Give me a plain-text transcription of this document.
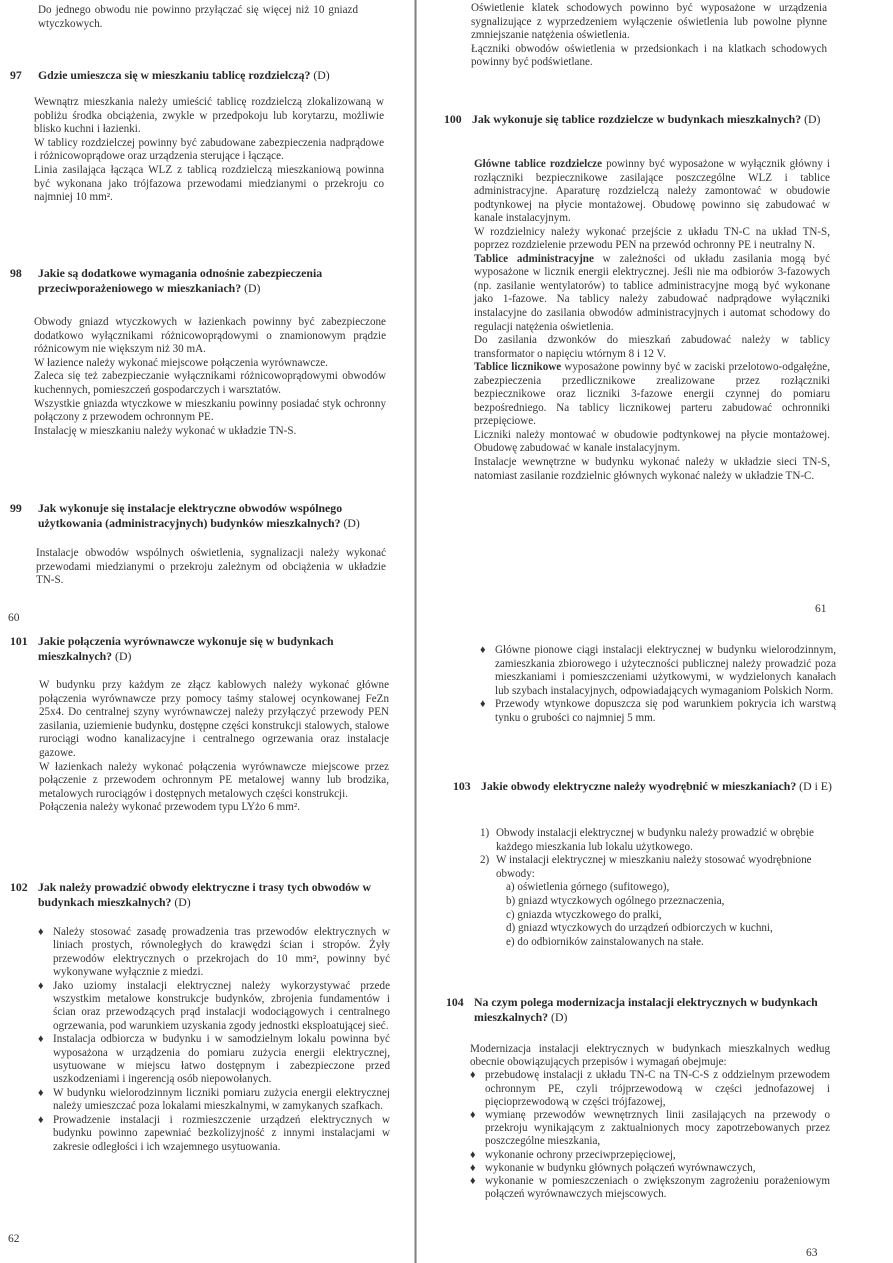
Do jednego obwodu nie powinno przyłączać się więcej niż 10 gniazd wtyczkowych.

97 Gdzie umieszcza się w mieszkaniu tablicę rozdzielczą? (D)

Wewnątrz mieszkania należy umieścić tablicę rozdzielczą zlokalizowaną w pobliżu środka obciążenia, zwykle w przedpokoju lub korytarzu, możliwie blisko kuchni i łazienki.

W tablicy rozdzielczej powinny być zabudowane zabezpieczenia nadprądowe i różnicowoprądowe oraz urządzenia sterujące i łączące.

Linia zasilająca łącząca WLZ z tablicą rozdzielczą mieszkaniową powinna być wykonana jako trójfazowa przewodami miedzianymi o przekroju co najmniej 10 mm².

98 Jakie są dodatkowe wymagania odnośnie zabezpieczenia przeciwporażeniowego w mieszkaniach? (D)

Obwody gniazd wtyczkowych w łazienkach powinny być zabezpieczone dodatkowo wyłącznikami różnicowoprądowymi o znamionowym prądzie różnicowym nie większym niż 30 mA.

W łazience należy wykonać miejscowe połączenia wyrównawcze.

Zaleca się też zabezpieczanie wyłącznikami różnicowoprądowymi obwodów kuchennych, pomieszczeń gospodarczych i warsztatów.

Wszystkie gniazda wtyczkowe w mieszkaniu powinny posiadać styk ochronny połączony z przewodem ochronnym PE.

Instalację w mieszkaniu należy wykonać w układzie TN-S.

99 Jak wykonuje się instalacje elektryczne obwodów wspólnego użytkowania (administracyjnych) budynków mieszkalnych? (D)

Instalacje obwodów wspólnych oświetlenia, sygnalizacji należy wykonać przewodami miedzianymi o przekroju zależnym od obciążenia w układzie TN-S.

60

Oświetlenie klatek schodowych powinno być wyposażone w urządzenia sygnalizujące z wyprzedzeniem wyłączenie oświetlenia lub powolne płynne zmniejszanie natężenia oświetlenia.

Łączniki obwodów oświetlenia w przedsionkach i na klatkach schodowych powinny być podświetlane.

100 Jak wykonuje się tablice rozdzielcze w budynkach mieszkalnych? (D)

Główne tablice rozdzielcze powinny być wyposażone w wyłącznik główny i rozłączniki bezpiecznikowe zasilające poszczególne WLZ i tablice administracyjne. Aparaturę rozdzielczą należy zamontować w obudowie podtynkowej na płycie montażowej. Obudowę powinno się zabudować w kanale instalacyjnym.

W rozdzielnicy należy wykonać przejście z układu TN-C na układ TN-S, poprzez rozdzielenie przewodu PEN na przewód ochronny PE i neutralny N.

Tablice administracyjne w zależności od układu zasilania mogą być wyposażone w licznik energii elektrycznej. Jeśli nie ma odbiorów 3-fazowych (np. zasilanie wentylatorów) to tablice administracyjne mogą być wykonane jako 1-fazowe. Na tablicy należy zabudować nadprądowe wyłączniki instalacyjne do zasilania obwodów administracyjnych i automat schodowy do regulacji natężenia oświetlenia.

Do zasilania dzwonków do mieszkań zabudować należy w tablicy transformator o napięciu wtórnym 8 i 12 V.

Tablice licznikowe wyposażone powinny być w zaciski przelotowo-odgałęźne, zabezpieczenia przedlicznikowe zrealizowane przez rozłączniki bezpiecznikowe oraz liczniki 3-fazowe energii czynnej do pomiaru bezpośredniego. Na tablicy licznikowej parteru zabudować ochronniki przepięciowe.

Liczniki należy montować w obudowie podtynkowej na płycie montażowej. Obudowę zabudować w kanale instalacyjnym.

Instalacje wewnętrzne w budynku wykonać należy w układzie sieci TN-S, natomiast zasilanie rozdzielnic głównych wykonać należy w układzie TN-C.

61
101 Jakie połączenia wyrównawcze wykonuje się w budynkach mieszkalnych? (D)

W budynku przy każdym ze złącz kablowych należy wykonać główne połączenia wyrównawcze przy pomocy taśmy stalowej ocynkowanej FeZn 25x4. Do centralnej szyny wyrównawczej należy przyłączyć przewody PEN zasilania, uziemienie budynku, dostępne części konstrukcji stalowych, stalowe rurociągi wodno kanalizacyjne i centralnego ogrzewania oraz instalacje gazowe.

W łazienkach należy wykonać połączenia wyrównawcze miejscowe przez połączenie z przewodem ochronnym PE metalowej wanny lub brodzika, metalowych rurociągów i dostępnych metalowych części konstrukcji.

Połączenia należy wykonać przewodem typu LYżo 6 mm².

102 Jak należy prowadzić obwody elektryczne i trasy tych obwodów w budynkach mieszkalnych? (D)
♦ Należy stosować zasadę prowadzenia tras przewodów elektrycznych w liniach prostych, równoległych do krawędzi ścian i stropów. Żyły przewodów elektrycznych o przekrojach do 10 mm², powinny być wykonywane wyłącznie z miedzi.
♦ Jako uziomy instalacji elektrycznej należy wykorzystywać przede wszystkim metalowe konstrukcje budynków, zbrojenia fundamentów i ścian oraz przewodzących prąd instalacji wodociągowych i centralnego ogrzewania, pod warunkiem uzyskania zgody jednostki eksploatującej sieć.
♦ Instalacja odbiorcza w budynku i w samodzielnym lokalu powinna być wyposażona w urządzenia do pomiaru zużycia energii elektrycznej, usytuowane w miejscu łatwo dostępnym i zabezpieczone przed uszkodzeniami i ingerencją osób niepowołanych.
♦ W budynku wielorodzinnym liczniki pomiaru zużycia energii elektrycznej należy umieszczać poza lokalami mieszkalnymi, w zamykanych szafkach.
♦ Prowadzenie instalacji i rozmieszczenie urządzeń elektrycznych w budynku powinno zapewniać bezkolizyjność z innymi instalacjami w zakresie odległości i ich wzajemnego usytuowania.
62
♦ Główne pionowe ciągi instalacji elektrycznej w budynku wielorodzinnym, zamieszkania zbiorowego i użyteczności publicznej należy prowadzić poza mieszkaniami i pomieszczeniami użytkowymi, w wydzielonych kanałach lub szybach instalacyjnych, odpowiadających wymaganiom Polskich Norm.
♦ Przewody wtynkowe dopuszcza się pod warunkiem pokrycia ich warstwą tynku o grubości co najmniej 5 mm.
103 Jakie obwody elektryczne należy wyodrębnić w mieszkaniach? (D i E)
1) Obwody instalacji elektrycznej w budynku należy prowadzić w obrębie każdego mieszkania lub lokalu użytkowego.
2) W instalacji elektrycznej w mieszkaniu należy stosować wyodrębnione obwody:
a) oświetlenia górnego (sufitowego),
b) gniazd wtyczkowych ogólnego przeznaczenia,
c) gniazda wtyczkowego do pralki,
d) gniazd wtyczkowych do urządzeń odbiorczych w kuchni,
e) do odbiorników zainstalowanych na stałe.
104 Na czym polega modernizacja instalacji elektrycznych w budynkach mieszkalnych? (D)

Modernizacja instalacji elektrycznych w budynkach mieszkalnych według obecnie obowiązujących przepisów i wymagań obejmuje:

♦ przebudowę instalacji z układu TN-C na TN-C-S z oddzielnym przewodem ochronnym PE, czyli trójprzewodową w części jednofazowej i pięcioprzewodową w części trójfazowej,
♦ wymianę przewodów wewnętrznych linii zasilających na przewody o przekroju wynikającym z zaktualnionych mocy zapotrzebowanych przez poszczególne mieszkania,
♦ wykonanie ochrony przeciwprzepięciowej,
♦ wykonanie w budynku głównych połączeń wyrównawczych,
♦ wykonanie w pomieszczeniach o zwiększonym zagrożeniu porażeniowym połączeń wyrównawczych miejscowych.
63
